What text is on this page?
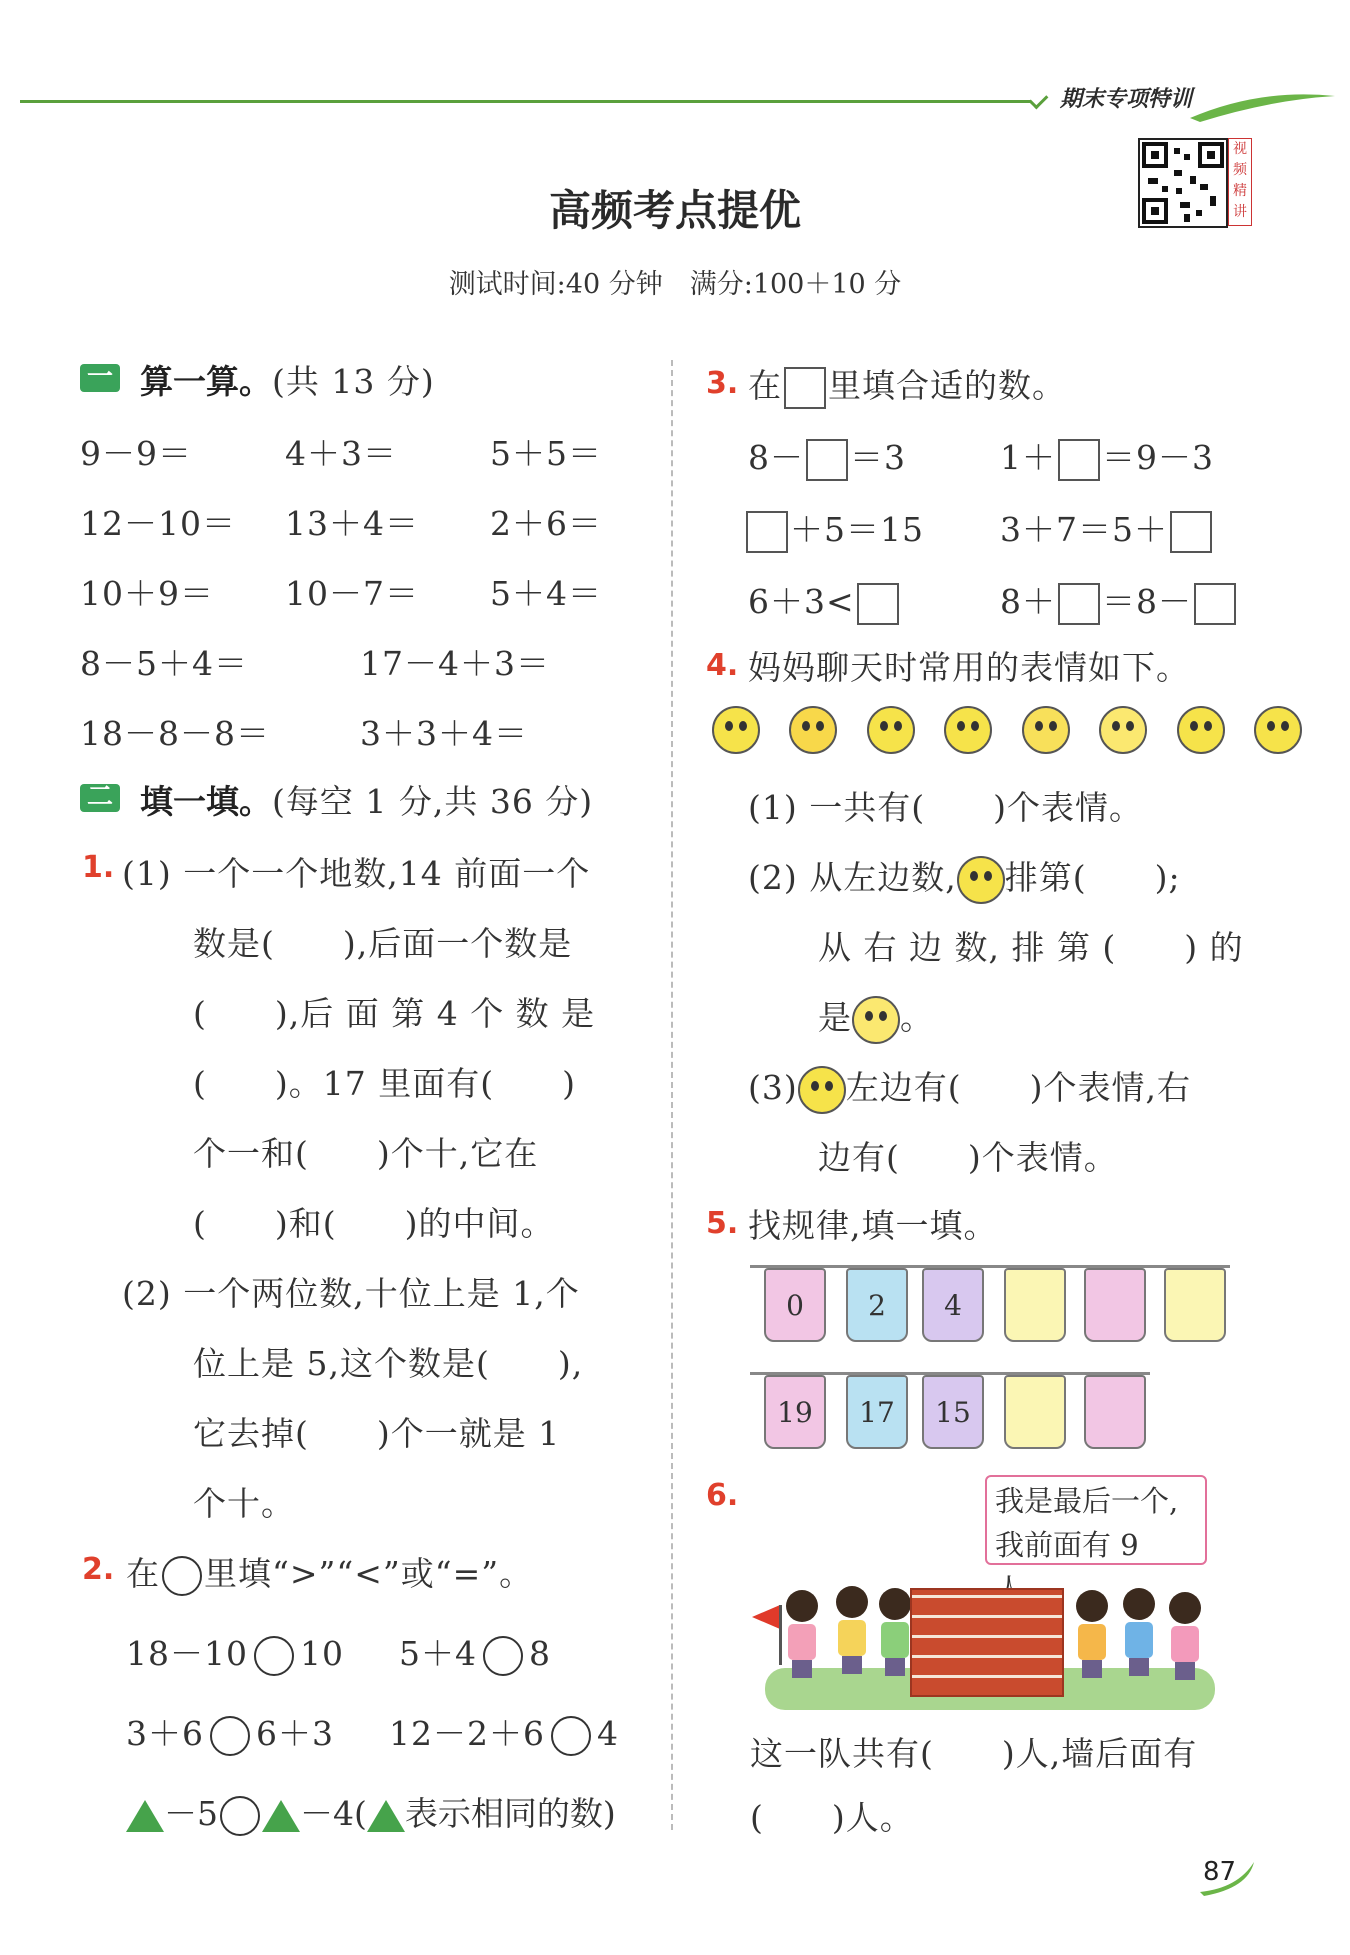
期末专项特训
高频考点提优
测试时间:40 分钟　满分:100＋10 分
视频精讲
一 算一算。(共 13 分)
9－9＝	4＋3＝	5＋5＝
12－10＝ 13＋4＝ 2＋6＝
10＋9＝ 10－7＝ 5＋4＝
8－5＋4＝	17－4＋3＝
18－8－8＝	3＋3＋4＝
二 填一填。(每空 1 分,共 36 分)
1. (1) 一个一个地数,14 前面一个
数是(　　),后面一个数是
(　　),后 面 第 4 个 数 是
(　　)。17 里面有(　　)
个一和(　　)个十,它在
(　　)和(　　)的中间。
(2) 一个两位数,十位上是 1,个
位上是 5,这个数是(　　),
它去掉(　　)个一就是 1
个十。
2. 在 里填“>”“<”或“=”。
18－10 10 5＋4 8
3＋6 6＋3 12－2＋6 4
－5 －4( 表示相同的数)
3. 在 里填合适的数。
8－ ＝3	1＋ ＝9－3
＋5＝15 3＋7＝5＋
6＋3<	8＋ ＝8－
4. 妈妈聊天时常用的表情如下。
(1) 一共有(　　)个表情。
(2) 从左边数, 排第(　　);
从 右 边 数, 排 第 (　　) 的
是 。
(3) 左边有(　　)个表情,右
边有(　　)个表情。
5. 找规律,填一填。
0	2	4
19	17	15
6.	我是最后一个,
我前面有 9
这一队共有(　　)人,墙后面有
(　　)人。
87
